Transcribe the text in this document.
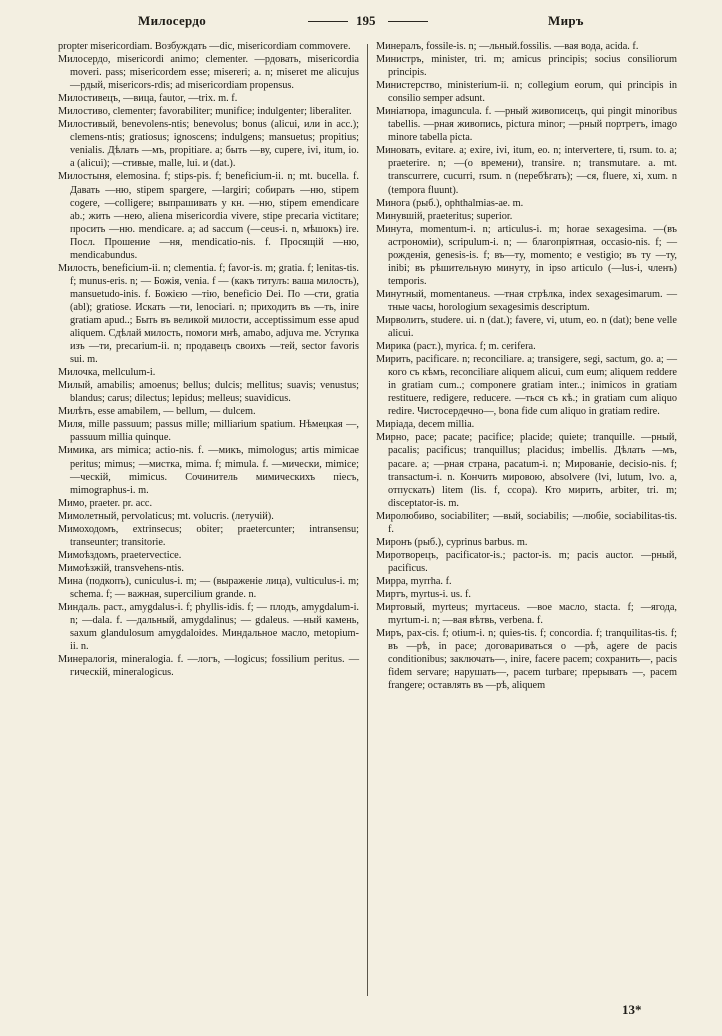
Милосердо	195	Миръ

propter misericordiam. Возбуждать —dic, misericordiam commovere.

Милосердо, misericordi animo; clementer. —рдовать, misericordia moveri. pass; misericordem esse; misereri; a. n; miseret me alicujus —рдый, misericors-rdis; ad misericordiam propensus.

Милостивецъ, —вица, fautor, —trix. m. f.

Милостиво, clementer; favorabiliter; munifice; indulgenter; liberaliter.

Милостивый, benevolens-ntis; benevolus; bonus (alicui, или in acc.); clemens-ntis; gratiosus; ignoscens; indulgens; mansuetus; propitius; venialis. Дѣлать —мъ, propitiare. a; быть —ву, cupere, ivi, itum, io. a (alicui); —стивые, malle, lui. и (dat.).

Милостыня, elemosina. f; stips-pis. f; beneficium-ii. n; mt. bucella. f. Давать —ню, stipem spargere, —largiri; собирать —ню, stipem cogere, —colligere; выпрашивать у кн. —ню, stipem emendicare ab.; жить —нею, aliena misericordia vivere, stipe precaria victitare; просить —ню. mendicare. a; ad saccum (—ceus-i. n, мѣшокъ) ire. Посл. Прошение —ня, mendicatio-nis. f. Просящій —ню, mendicabundus.

Милость, beneficium-ii. n; clementia. f; favor-is. m; gratia. f; lenitas-tis. f; munus-eris. n; — Божія, venia. f — (какъ титулъ: ваша милость), mansuetudo-inis. f. Божією —тію, beneficio Dei. По —сти, gratia (abl); gratiose. Искать —ти, lenociari. n; приходить въ —ть, inire gratiam apud..; Быть въ великой милости, acceptissimum esse apud aliquem. Сдѣлай милость, помоги мнѣ, amabo, adjuva me. Уступка изъ —ти, precarium-ii. n; продавецъ своихъ —тей, sector favoris sui. m.

Милочка, mellculum-i.

Милый, amabilis; amoenus; bellus; dulcis; mellitus; suavis; venustus; blandus; carus; dilectus; lepidus; melleus; suavidicus.

Милѣть, esse amabilem, — bellum, — dulcem.

Миля, mille passuum; passus mille; milliarium spatium. Нѣмецкая —, passuum millia quinque.

Мимика, ars mimica; actio-nis. f. —микъ, mimologus; artis mimicae peritus; mimus; —мистка, mima. f; mimula. f. —мически, mimice; —ческій, mimicus. Сочинитель мимическихъ пiесъ, mimographus-i. m.

Мимо, praeter. pr. acc.

Мимолетный, pervolaticus; mt. volucris. (летучій).

Мимоходомъ, extrinsecus; obiter; praetercunter; intransensu; transeunter; transitorie.

Мимоѣздомъ, praetervectice.

Мимоѣзжій, transvehens-ntis.

Мина (подкопъ), cuniculus-i. m; — (выраженіе лица), vulticulus-i. m; schema. f; — важная, supercilium grande. n.

Миндаль. раст., amygdalus-i. f; phyllis-idis. f; — плодъ, amygdalum-i. n; —dala. f. —дальный, amygdalinus; — gdaleus. —ный камень, saxum glandulosum amygdaloides. Миндальное масло, metopium-ii. n.

Минералогія, mineralogia. f. —логъ, —logicus; fossilium peritus. —гическій, mineralogicus.

Минералъ, fossile-is. n; —льный.fossilis. —вая вода, acida. f.

Министръ, minister, tri. m; amicus principis; socius consiliorum principis.

Министерство, ministerium-ii. n; collegium eorum, qui principis in consilio semper adsunt.

Миніатюра, imaguncula. f. —рный живописецъ, qui pingit minoribus tabellis. —рная живопись, pictura minor; —рный портретъ, imago minore tabella picta.

Миновать, evitare. a; exire, ivi, itum, eo. n; intervertere, ti, rsum. to. a; praeterire. n; —(о времени), transire. n; transmutare. a. mt. transcurrere, cucurri, rsum. n (перебѣгать); —ся, fluere, xi, xum. n (tempora fluunt).

Минога (рыб.), ophthalmias-ae. m.

Минувшій, praeteritus; superior.

Минута, momentum-i. n; articulus-i. m; horae sexagesima. —(въ астрономіи), scripulum-i. n; — благопріятная, occasio-nis. f; — рожденія, genesis-is. f; въ—ту, momento; e vestigio; въ ту —ту, inibi; въ рѣшительную минуту, in ipso articulo (—lus-i, членъ) temporis.

Минутный, momentaneus. —тная стрѣлка, index sexagesimarum. —тные часы, horologium sexagesimis descriptum.

Мирволить, studere. ui. n (dat.); favere, vi, utum, eo. n (dat); bene velle alicui.

Мирика (раст.), myrica. f; m. cerifera.

Мирить, pacificare. n; reconciliare. a; transigere, segi, sactum, go. a; — кого съ кѣмъ, reconciliare aliquem alicui, cum eum; aliquem reddere in gratiam cum..; componere gratiam inter..; inimicos in gratiam restituere, redigere, reducere. —ться съ кѣ.; in gratiam cum aliquo redire. Чистосердечно—, bona fide cum aliquo in gratiam redire.

Миріада, decem millia.

Мирно, pace; pacate; pacifice; placide; quiete; tranquille. —рный, pacalis; pacificus; tranquillus; placidus; imbellis. Дѣлать —мъ, pacare. a; —рная страна, pacatum-i. n; Мированіе, decisio-nis. f; transactum-i. n. Кончить мировою, absolvere (lvi, lutum, lvo. a, отпускать) litem (lis. f, ссора). Кто мирить, arbiter, tri. m; disceptator-is. m.

Миролюбиво, sociabiliter; —вый, sociabilis; —любіе, sociabilitas-tis. f.

Миронъ (рыб.), cyprinus barbus. m.

Миротворецъ, pacificator-is.; pactor-is. m; pacis auctor. —рный, pacificus.

Мирра, myrrha. f.

Миртъ, myrtus-i. us. f.

Миртовый, myrteus; myrtaceus. —вое масло, stacta. f; —ягода, myrtum-i. n; —вая вѣтвь, verbena. f.

Миръ, pax-cis. f; otium-i. n; quies-tis. f; concordia. f; tranquilitas-tis. f; въ —рѣ, in pace; договариваться о —рѣ, agere de pacis conditionibus; заключать—, inire, facere pacem; сохранить—, pacis fidem servare; нарушать—, pacem turbare; прерывать —, pacem frangere; оставлять въ —рѣ, aliquem

13*
